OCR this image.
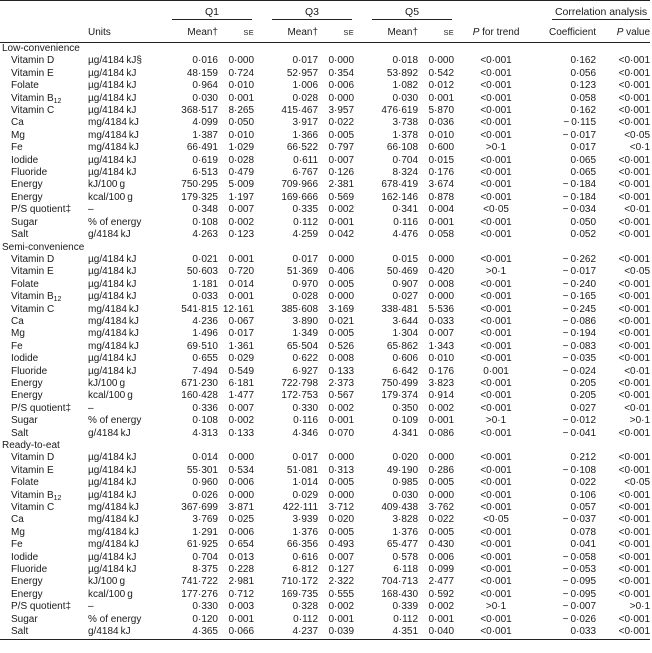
		Q1			Q3			Q5			Correlation analysis	

	Units	Mean†	SE		Mean†	SE		Mean†	SE	P for trend	Coefficient	P value
Low-convenience												
Vitamin D	µg/4184 kJ§	0·016	0·000		0·017	0·000		0·018	0·000	<0·001	0·162	<0·001
Vitamin E	µg/4184 kJ	48·159	0·724		52·957	0·354		53·892	0·542	<0·001	0·056	<0·001
Folate	µg/4184 kJ	0·964	0·010		1·006	0·006		1·082	0·012	<0·001	0·123	<0·001
Vitamin $B_{12}$	µg/4184 kJ	0·030	0·001		0·028	0·000		0·030	0·001	<0·001	0·058	<0·001
Vitamin C	µg/4184 kJ	368·517	8·265		415·467	3·957		476·619	5·870	<0·001	0·162	<0·001
Ca	mg/4184 kJ	4·099	0·050		3·917	0·022		3·738	0·036	<0·001	− 0·115	<0·001
Mg	mg/4184 kJ	1·387	0·010		1·366	0·005		1·378	0·010	<0·001	− 0·017	<0·05
Fe	mg/4184 kJ	66·491	1·029		66·522	0·797		66·108	0·600	>0·1	0·017	<0·1
Iodide	µg/4184 kJ	0·619	0·028		0·611	0·007		0·704	0·015	<0·001	0·065	<0·001
Fluoride	µg/4184 kJ	6·513	0·479		6·767	0·126		8·324	0·176	<0·001	0·065	<0·001
Energy	kJ/100 g	750·295	5·009		709·966	2·381		678·419	3·674	<0·001	− 0·184	<0·001
Energy	kcal/100 g	179·325	1·197		169·666	0·569		162·146	0·878	<0·001	− 0·184	<0·001
P/S quotient‡	–	0·348	0·007		0·335	0·002		0·341	0·004	<0·05	− 0·034	<0·01
Sugar	% of energy	0·108	0·002		0·112	0·001		0·116	0·001	<0·001	0·050	<0·001
Salt	g/4184 kJ	4·263	0·123		4·259	0·042		4·476	0·058	<0·001	0·052	<0·001
Semi-convenience												
Vitamin D	µg/4184 kJ	0·021	0·001		0·017	0·000		0·015	0·000	<0·001	− 0·262	<0·001
Vitamin E	µg/4184 kJ	50·603	0·720		51·369	0·406		50·469	0·420	>0·1	− 0·017	<0·05
Folate	µg/4184 kJ	1·181	0·014		0·970	0·005		0·907	0·008	<0·001	− 0·240	<0·001
Vitamin $B_{12}$	µg/4184 kJ	0·033	0·001		0·028	0·000		0·027	0·000	<0·001	− 0·165	<0·001
Vitamin C	mg/4184 kJ	541·815	12·161		385·608	3·169		338·481	5·536	<0·001	− 0·245	<0·001
Ca	mg/4184 kJ	4·236	0·067		3·890	0·021		3·644	0·033	<0·001	− 0·086	<0·001
Mg	mg/4184 kJ	1·496	0·017		1·349	0·005		1·304	0·007	<0·001	− 0·194	<0·001
Fe	mg/4184 kJ	69·510	1·361		65·504	0·526		65·862	1·343	<0·001	− 0·083	<0·001
Iodide	µg/4184 kJ	0·655	0·029		0·622	0·008		0·606	0·010	<0·001	− 0·035	<0·001
Fluoride	µg/4184 kJ	7·494	0·549		6·927	0·133		6·642	0·176	0·001	− 0·024	<0·01
Energy	kJ/100 g	671·230	6·181		722·798	2·373		750·499	3·823	<0·001	0·205	<0·001
Energy	kcal/100 g	160·428	1·477		172·753	0·567		179·374	0·914	<0·001	0·205	<0·001
P/S quotient‡	–	0·336	0·007		0·330	0·002		0·350	0·002	<0·001	0·027	<0·01
Sugar	% of energy	0·108	0·002		0·116	0·001		0·109	0·001	>0·1	− 0·012	>0·1
Salt	g/4184 kJ	4·313	0·133		4·346	0·070		4·341	0·086	<0·001	− 0·041	<0·001
Ready-to-eat												
Vitamin D	µg/4184 kJ	0·014	0·000		0·017	0·000		0·020	0·000	<0·001	0·212	<0·001
Vitamin E	µg/4184 kJ	55·301	0·534		51·081	0·313		49·190	0·286	<0·001	− 0·108	<0·001
Folate	µg/4184 kJ	0·960	0·006		1·014	0·005		0·985	0·005	<0·001	0·022	<0·05
Vitamin $B_{12}$	µg/4184 kJ	0·026	0·000		0·029	0·000		0·030	0·000	<0·001	0·106	<0·001
Vitamin C	mg/4184 kJ	367·699	3·871		422·111	3·712		409·438	3·762	<0·001	0·057	<0·001
Ca	mg/4184 kJ	3·769	0·025		3·939	0·020		3·828	0·022	<0·05	− 0·037	<0·001
Mg	mg/4184 kJ	1·291	0·006		1·376	0·005		1·376	0·005	<0·001	0·078	<0·001
Fe	mg/4184 kJ	61·925	0·654		66·356	0·493		65·477	0·430	<0·001	0·041	<0·001
Iodide	µg/4184 kJ	0·704	0·013		0·616	0·007		0·578	0·006	<0·001	− 0·058	<0·001
Fluoride	µg/4184 kJ	8·375	0·228		6·812	0·127		6·118	0·099	<0·001	− 0·053	<0·001
Energy	kJ/100 g	741·722	2·981		710·172	2·322		704·713	2·477	<0·001	− 0·095	<0·001
Energy	kcal/100 g	177·276	0·712		169·735	0·555		168·430	0·592	<0·001	− 0·095	<0·001
P/S quotient‡	–	0·330	0·003		0·328	0·002		0·339	0·002	>0·1	− 0·007	>0·1
Sugar	% of energy	0·120	0·001		0·112	0·001		0·112	0·001	<0·001	− 0·026	<0·001
Salt	g/4184 kJ	4·365	0·066		4·237	0·039		4·351	0·040	<0·001	0·033	<0·001
